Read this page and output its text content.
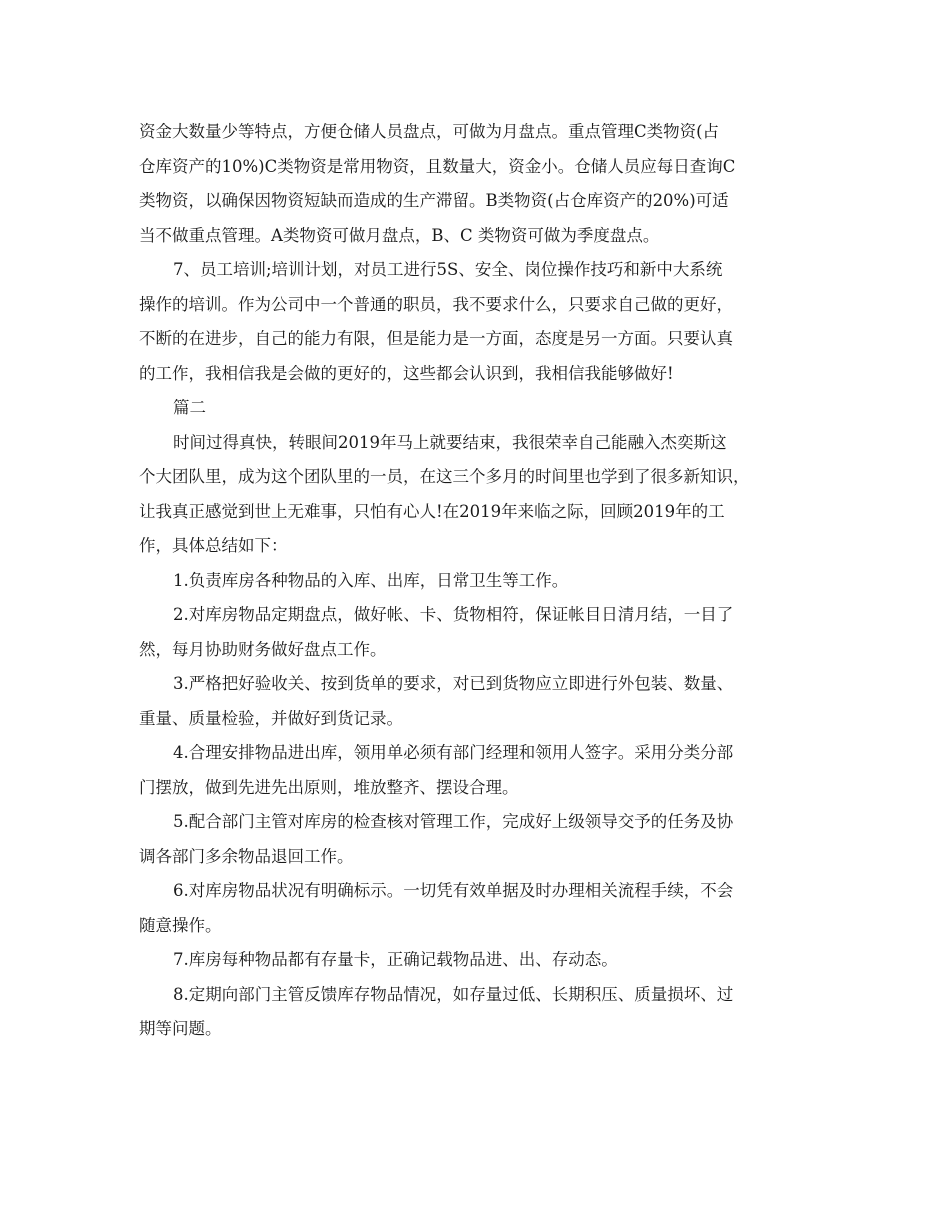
资金大数量少等特点，方便仓储人员盘点，可做为月盘点。重点管理C类物资(占
仓库资产的10%)C类物资是常用物资，且数量大，资金小。仓储人员应每日查询C
类物资，以确保因物资短缺而造成的生产滞留。B类物资(占仓库资产的20%)可适
当不做重点管理。A类物资可做月盘点，B、C 类物资可做为季度盘点。
7、员工培训;培训计划，对员工进行5S、安全、岗位操作技巧和新中大系统
操作的培训。作为公司中一个普通的职员，我不要求什么，只要求自己做的更好，
不断的在进步，自己的能力有限，但是能力是一方面，态度是另一方面。只要认真
的工作，我相信我是会做的更好的，这些都会认识到，我相信我能够做好!
篇二
时间过得真快，转眼间2019年马上就要结束，我很荣幸自己能融入杰奕斯这
个大团队里，成为这个团队里的一员，在这三个多月的时间里也学到了很多新知识，
让我真正感觉到世上无难事，只怕有心人!在2019年来临之际，回顾2019年的工
作，具体总结如下：
1.负责库房各种物品的入库、出库，日常卫生等工作。
2.对库房物品定期盘点，做好帐、卡、货物相符，保证帐目日清月结，一目了
然，每月协助财务做好盘点工作。
3.严格把好验收关、按到货单的要求，对已到货物应立即进行外包装、数量、
重量、质量检验，并做好到货记录。
4.合理安排物品进出库，领用单必须有部门经理和领用人签字。采用分类分部
门摆放，做到先进先出原则，堆放整齐、摆设合理。
5.配合部门主管对库房的检查核对管理工作，完成好上级领导交予的任务及协
调各部门多余物品退回工作。
6.对库房物品状况有明确标示。一切凭有效单据及时办理相关流程手续，不会
随意操作。
7.库房每种物品都有存量卡，正确记载物品进、出、存动态。
8.定期向部门主管反馈库存物品情况，如存量过低、长期积压、质量损坏、过
期等问题。
